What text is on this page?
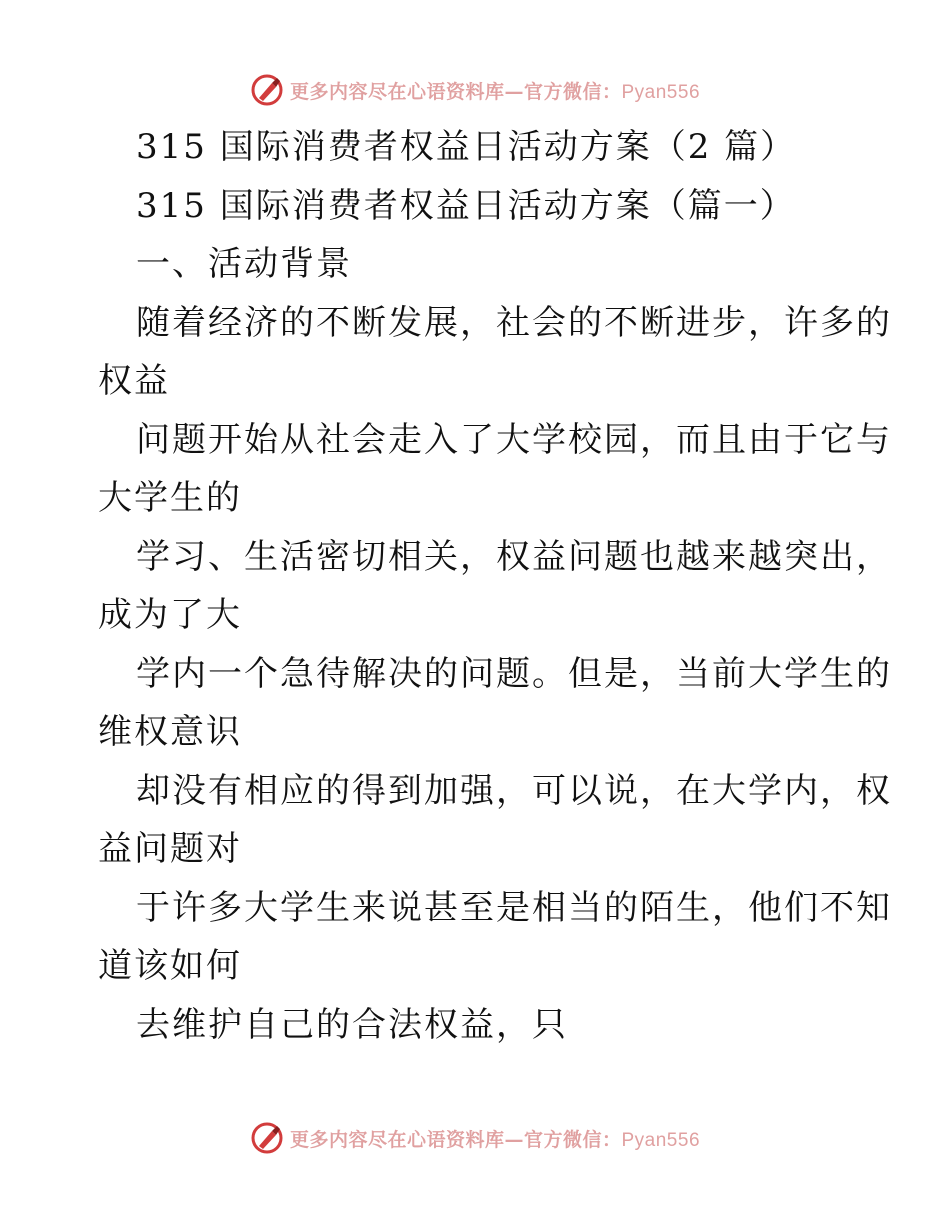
更多内容尽在心语资料库—官方微信：Pyan556
315 国际消费者权益日活动方案（2 篇）
315 国际消费者权益日活动方案（篇一）
一、活动背景
随着经济的不断发展，社会的不断进步，许多的
权益
问题开始从社会走入了大学校园，而且由于它与
大学生的
学习、生活密切相关，权益问题也越来越突出，
成为了大
学内一个急待解决的问题。但是，当前大学生的
维权意识
却没有相应的得到加强，可以说，在大学内，权
益问题对
于许多大学生来说甚至是相当的陌生，他们不知
道该如何
去维护自己的合法权益，只
更多内容尽在心语资料库—官方微信：Pyan556
